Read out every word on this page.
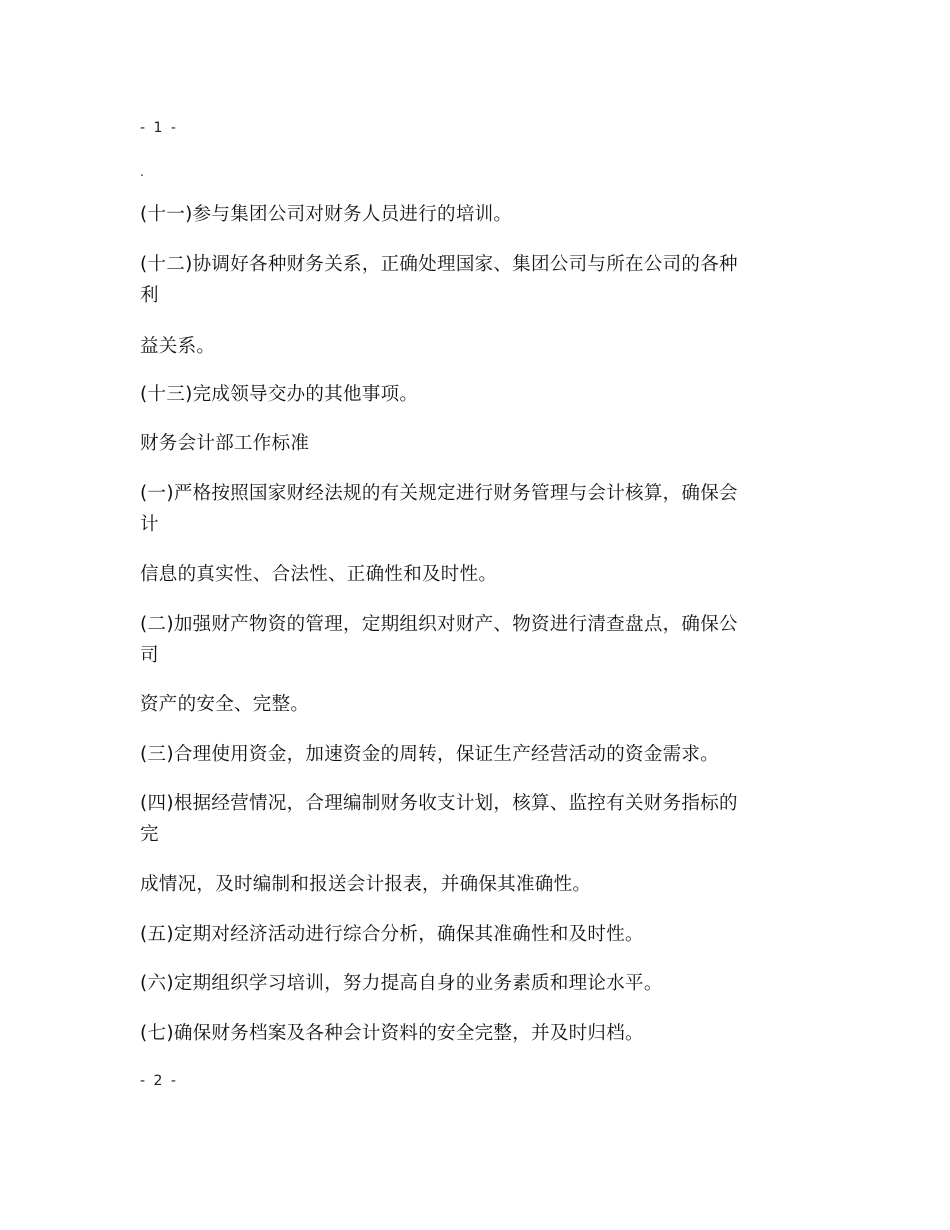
- 1 -
.
(十一)参与集团公司对财务人员进行的培训。
(十二)协调好各种财务关系，正确处理国家、集团公司与所在公司的各种
利
益关系。
(十三)完成领导交办的其他事项。
财务会计部工作标准
(一)严格按照国家财经法规的有关规定进行财务管理与会计核算，确保会
计
信息的真实性、合法性、正确性和及时性。
(二)加强财产物资的管理，定期组织对财产、物资进行清查盘点，确保公
司
资产的安全、完整。
(三)合理使用资金，加速资金的周转，保证生产经营活动的资金需求。
(四)根据经营情况，合理编制财务收支计划，核算、监控有关财务指标的
完
成情况，及时编制和报送会计报表，并确保其准确性。
(五)定期对经济活动进行综合分析，确保其准确性和及时性。
(六)定期组织学习培训，努力提高自身的业务素质和理论水平。
(七)确保财务档案及各种会计资料的安全完整，并及时归档。
- 2 -
